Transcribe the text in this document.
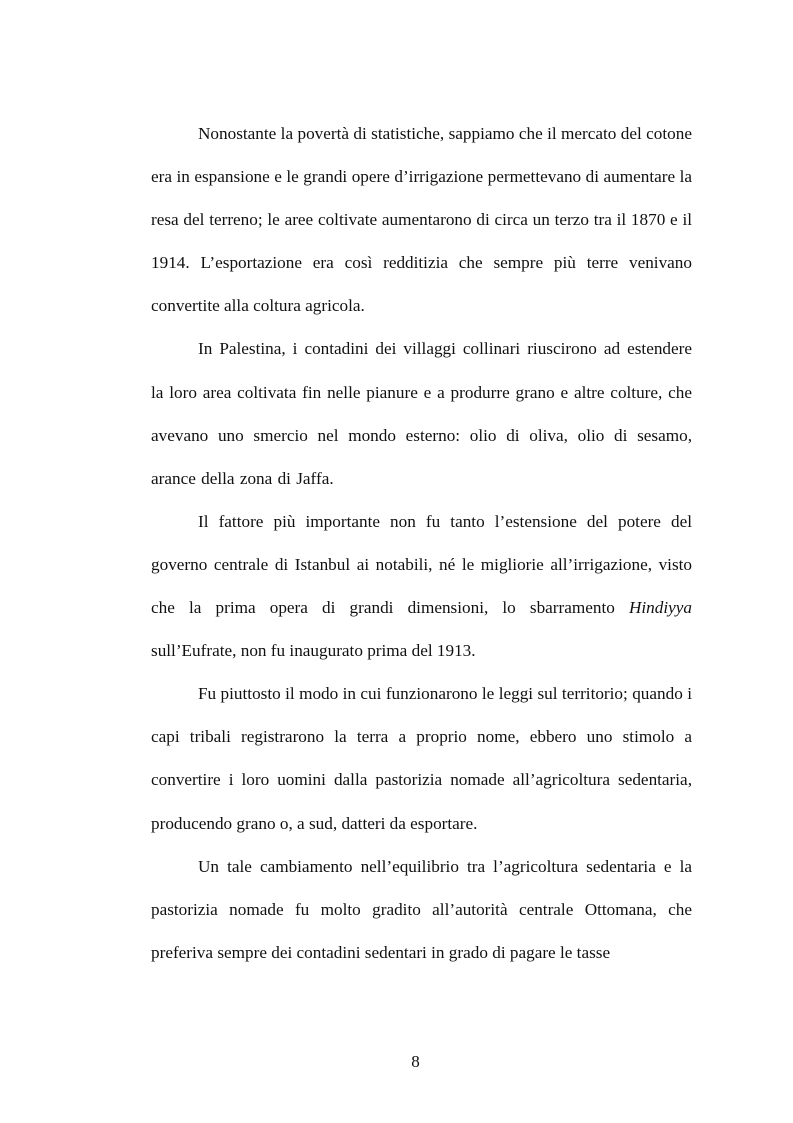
Nonostante la povertà di statistiche, sappiamo che il mercato del cotone era in espansione e le grandi opere d’irrigazione permettevano di aumentare la resa del terreno; le aree coltivate aumentarono di circa un terzo tra il 1870 e il 1914. L’esportazione era così redditizia che sempre più terre venivano convertite alla coltura agricola.

In Palestina, i contadini dei villaggi collinari riuscirono ad estendere la loro area coltivata fin nelle pianure e a produrre grano e altre colture, che avevano uno smercio nel mondo esterno: olio di oliva, olio di sesamo, arance della zona di Jaffa.

Il fattore più importante non fu tanto l’estensione del potere del governo centrale di Istanbul ai notabili, né le migliorie all’irrigazione, visto che la prima opera di grandi dimensioni, lo sbarramento Hindiyya sull’Eufrate, non fu inaugurato prima del 1913.

Fu piuttosto il modo in cui funzionarono le leggi sul territorio; quando i capi tribali registrarono la terra a proprio nome, ebbero uno stimolo a convertire i loro uomini dalla pastorizia nomade all’agricoltura sedentaria, producendo grano o, a sud, datteri da esportare.

Un tale cambiamento nell’equilibrio tra l’agricoltura sedentaria e la pastorizia nomade fu molto gradito all’autorità centrale Ottomana, che preferiva sempre dei contadini sedentari in grado di pagare le tasse

8
